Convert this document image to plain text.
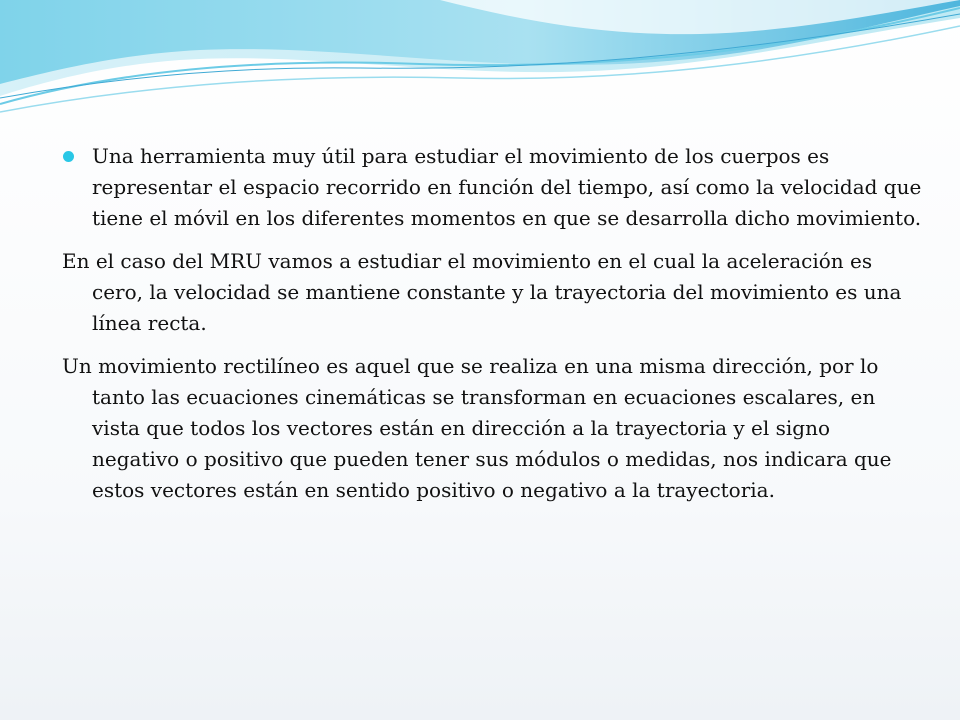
Una herramienta muy útil para estudiar el movimiento de los cuerpos es representar el espacio recorrido en función del tiempo, así como la velocidad que tiene el móvil en los diferentes momentos en que se desarrolla dicho movimiento.

En el caso del MRU vamos a estudiar el movimiento en el cual la aceleración es cero, la velocidad se mantiene constante y la trayectoria del movimiento es una línea recta.

Un movimiento rectilíneo es aquel que se realiza en una misma dirección, por lo tanto las ecuaciones cinemáticas se transforman en ecuaciones escalares, en vista que todos los vectores están en dirección a la trayectoria y el signo negativo o positivo que pueden tener sus módulos o medidas, nos indicara que estos vectores están en sentido positivo o negativo a la trayectoria.
